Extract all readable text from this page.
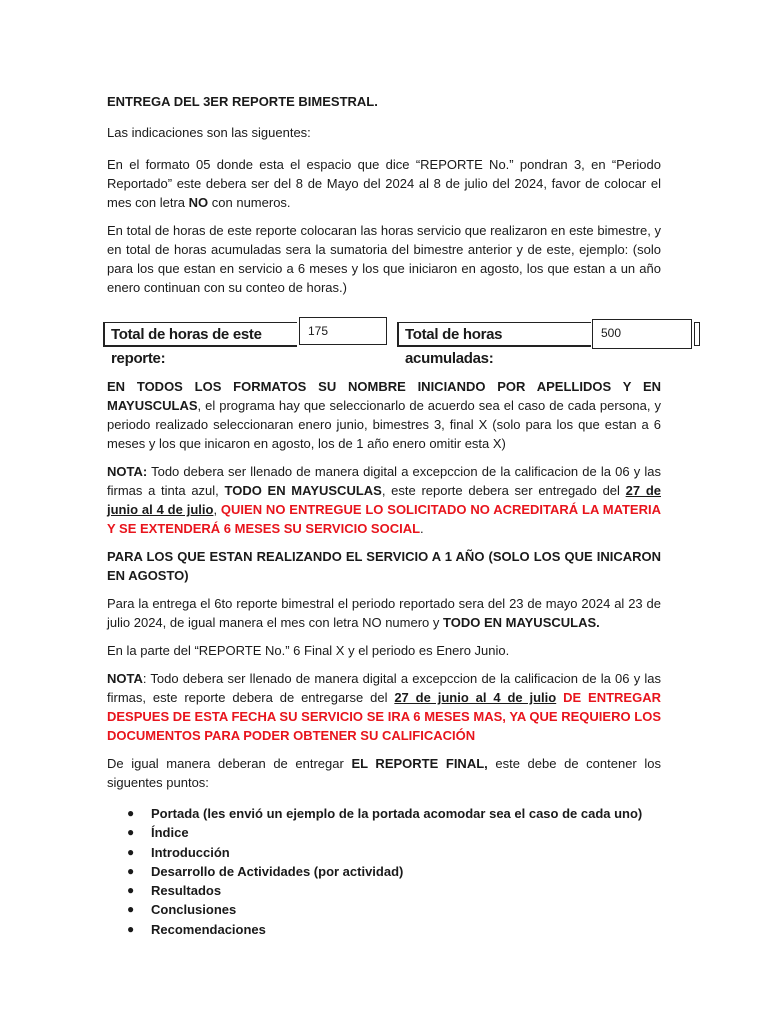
ENTREGA DEL 3ER REPORTE BIMESTRAL.

Las indicaciones son las siguentes:

En el formato 05 donde esta el espacio que dice “REPORTE No.” pondran 3, en “Periodo Reportado” este debera ser del 8 de Mayo del 2024 al 8 de julio del 2024, favor de colocar el mes con letra NO con numeros.

En total de horas de este reporte colocaran las horas servicio que realizaron en este bimestre, y en total de horas acumuladas sera la sumatoria del bimestre anterior y de este, ejemplo: (solo para los que estan en servicio a 6 meses y los que iniciaron en agosto, los que estan a un año enero continuan con su conteo de horas.)

Total de horas de este reporte:
175	Total de horas acumuladas:
500

EN TODOS LOS FORMATOS SU NOMBRE INICIANDO POR APELLIDOS Y EN MAYUSCULAS, el programa hay que seleccionarlo de acuerdo sea el caso de cada persona, y periodo realizado seleccionaran enero junio, bimestres 3, final X (solo para los que estan a 6 meses y los que inicaron en agosto, los de 1 año enero omitir esta X)

NOTA: Todo debera ser llenado de manera digital a excepccion de la calificacion de la 06 y las firmas a tinta azul, TODO EN MAYUSCULAS, este reporte debera ser entregado del 27 de junio al 4 de julio, QUIEN NO ENTREGUE LO SOLICITADO NO ACREDITARÁ LA MATERIA Y SE EXTENDERÁ 6 MESES SU SERVICIO SOCIAL.

PARA LOS QUE ESTAN REALIZANDO EL SERVICIO A 1 AÑO (SOLO LOS QUE INICARON EN AGOSTO)

Para la entrega el 6to reporte bimestral el periodo reportado sera del 23 de mayo 2024 al 23 de julio 2024, de igual manera el mes con letra NO numero y TODO EN MAYUSCULAS.

En la parte del “REPORTE No.” 6 Final X y el periodo es Enero Junio.

NOTA: Todo debera ser llenado de manera digital a excepccion de la calificacion de la 06 y las firmas, este reporte debera de entregarse del 27 de junio al 4 de julio DE ENTREGAR DESPUES DE ESTA FECHA SU SERVICIO SE IRA 6 MESES MAS, YA QUE REQUIERO LOS DOCUMENTOS PARA PODER OBTENER SU CALIFICACIÓN

De igual manera deberan de entregar EL REPORTE FINAL, este debe de contener los siguentes puntos:

● Portada (les envió un ejemplo de la portada acomodar sea el caso de cada uno)
● Índice
● Introducción
● Desarrollo de Actividades (por actividad)
● Resultados
● Conclusiones
● Recomendaciones
